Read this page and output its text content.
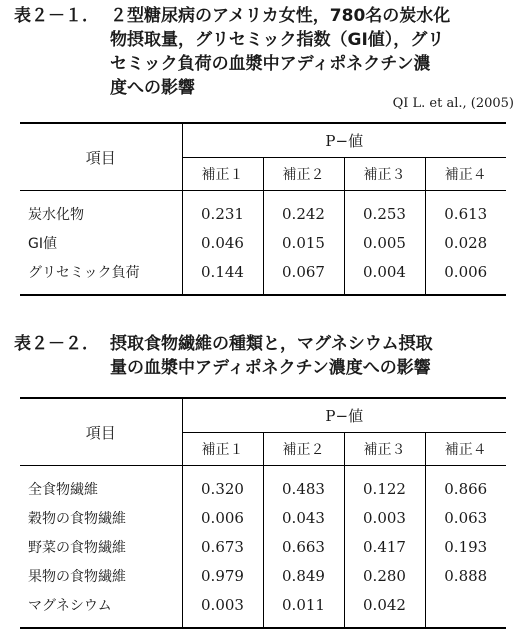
表２－１． ２型糖尿病のアメリカ女性，780名の炭水化
物摂取量，グリセミック指数（GI値），グリ
セミック負荷の血漿中アディポネクチン濃
度への影響
QI L. et al., (2005)
項目	P−値			
	補正１	補正２	補正３	補正４
炭水化物	0.231	0.242	0.253	0.613
GI値	0.046	0.015	0.005	0.028
グリセミック負荷	0.144	0.067	0.004	0.006
表２－２． 摂取食物繊維の種類と，マグネシウム摂取
量の血漿中アディポネクチン濃度への影響
項目	P−値			
	補正１	補正２	補正３	補正４
全食物繊維	0.320	0.483	0.122	0.866
穀物の食物繊維	0.006	0.043	0.003	0.063
野菜の食物繊維	0.673	0.663	0.417	0.193
果物の食物繊維	0.979	0.849	0.280	0.888
マグネシウム	0.003	0.011	0.042	
